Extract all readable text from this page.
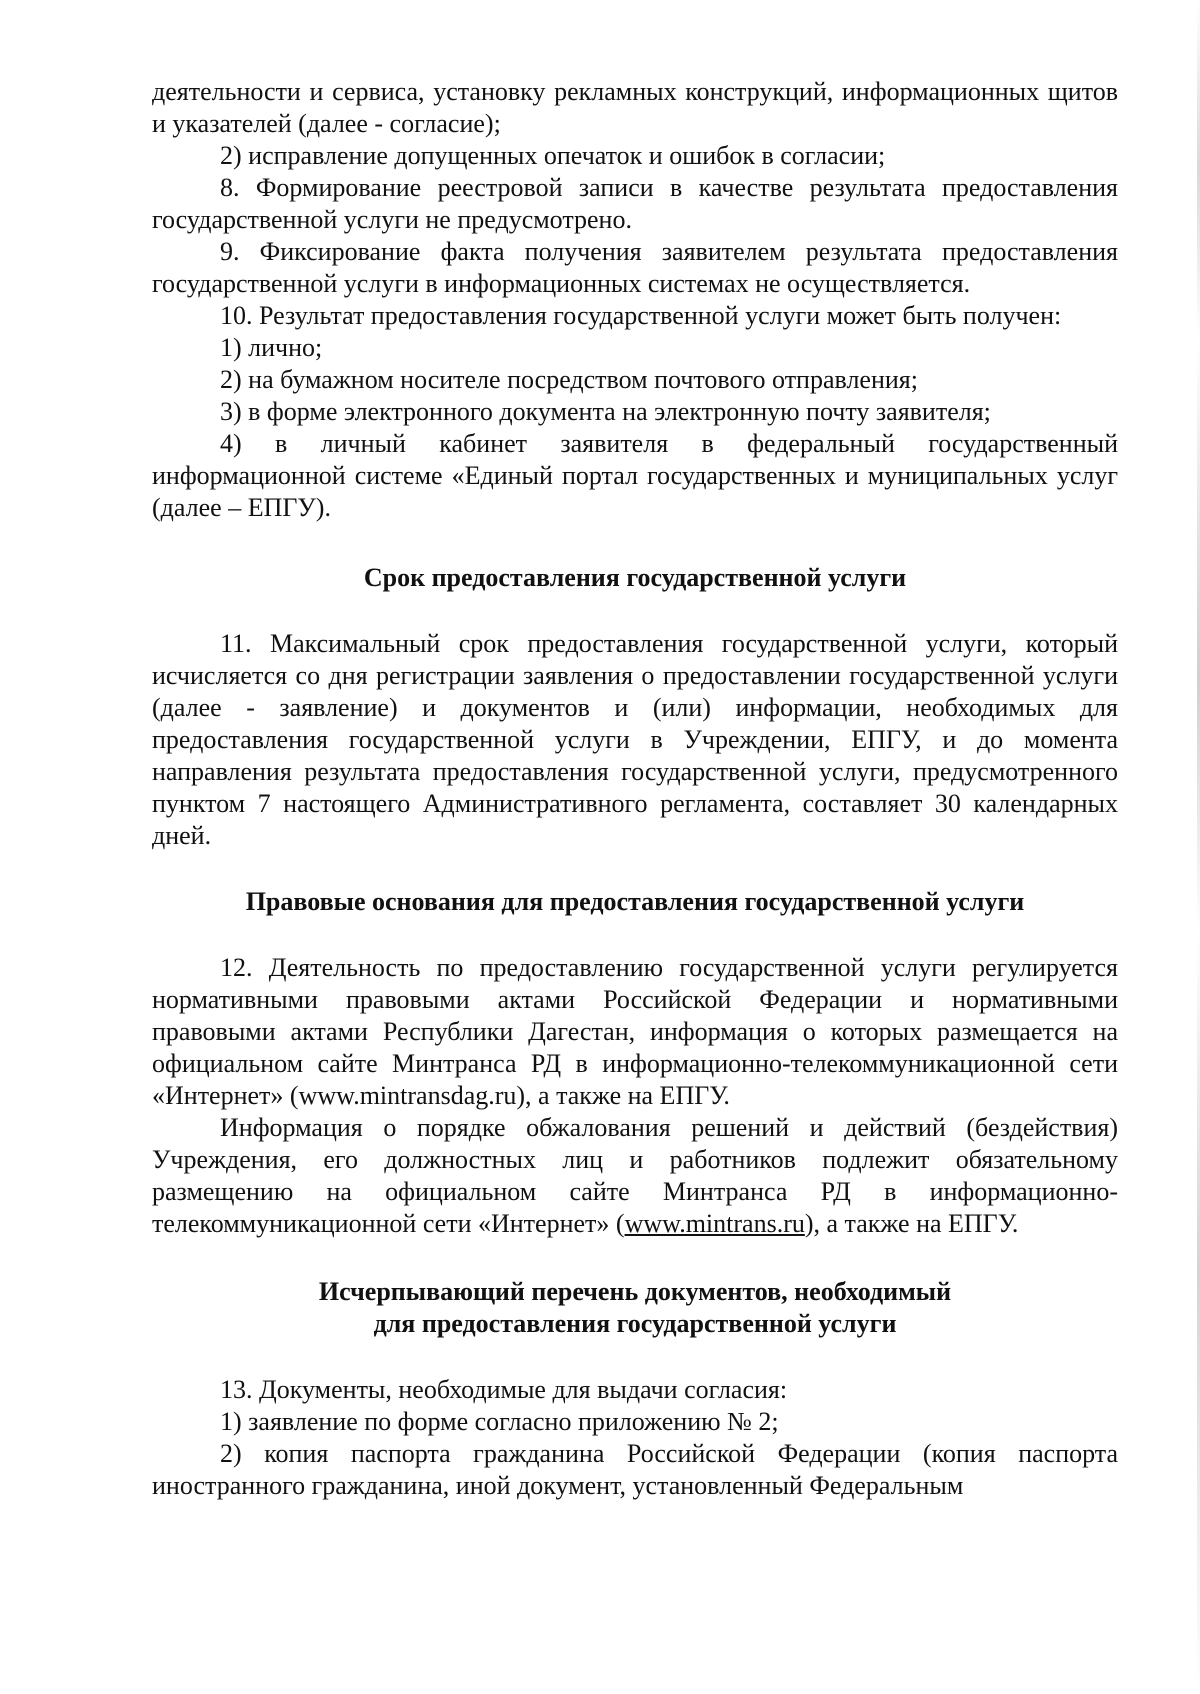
деятельности и сервиса, установку рекламных конструкций, информационных щитов и указателей (далее - согласие);

2) исправление допущенных опечаток и ошибок в согласии;

8. Формирование реестровой записи в качестве результата предоставления государственной услуги не предусмотрено.

9. Фиксирование факта получения заявителем результата предоставления государственной услуги в информационных системах не осуществляется.

10. Результат предоставления государственной услуги может быть получен:

1) лично;

2) на бумажном носителе посредством почтового отправления;

3) в форме электронного документа на электронную почту заявителя;

4) в личный кабинет заявителя в федеральный государственный информационной системе «Единый портал государственных и муниципальных услуг (далее – ЕПГУ).

Срок предоставления государственной услуги

11. Максимальный срок предоставления государственной услуги, который исчисляется со дня регистрации заявления о предоставлении государственной услуги (далее - заявление) и документов и (или) информации, необходимых для предоставления государственной услуги в Учреждении, ЕПГУ, и до момента направления результата предоставления государственной услуги, предусмотренного пунктом 7 настоящего Административного регламента, составляет 30 календарных дней.

Правовые основания для предоставления государственной услуги

12. Деятельность по предоставлению государственной услуги регулируется нормативными правовыми актами Российской Федерации и нормативными правовыми актами Республики Дагестан, информация о которых размещается на официальном сайте Минтранса РД в информационно-телекоммуникационной сети «Интернет» (www.mintransdag.ru), а также на ЕПГУ.

Информация о порядке обжалования решений и действий (бездействия) Учреждения, его должностных лиц и работников подлежит обязательному размещению на официальном сайте Минтранса РД в информационно-телекоммуникационной сети «Интернет» (www.mintrans.ru), а также на ЕПГУ.

Исчерпывающий перечень документов, необходимый

для предоставления государственной услуги

13. Документы, необходимые для выдачи согласия:

1) заявление по форме согласно приложению № 2;

2) копия паспорта гражданина Российской Федерации (копия паспорта иностранного гражданина, иной документ, установленный Федеральным
